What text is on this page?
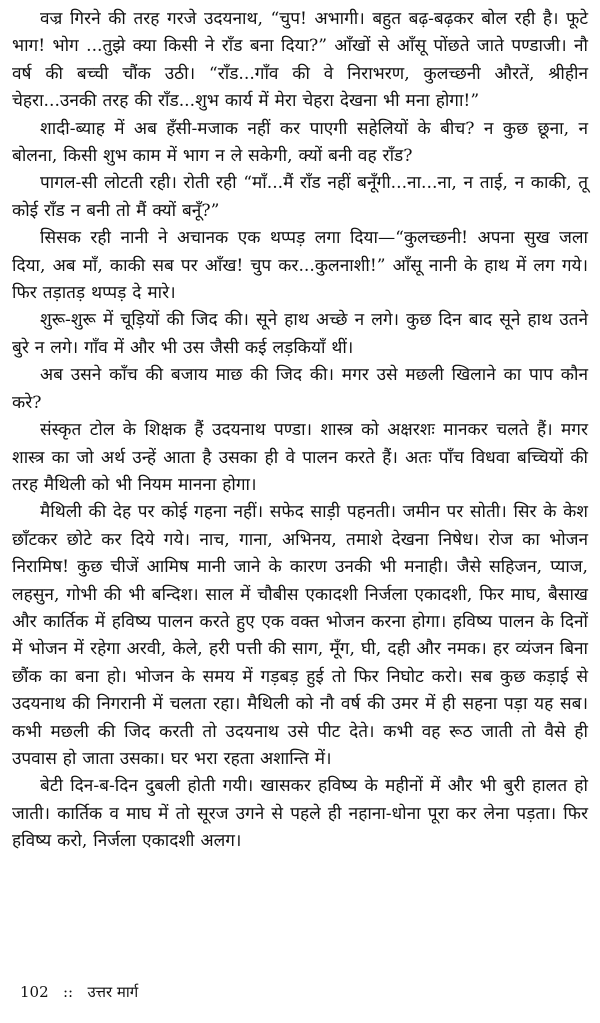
वज्र गिरने की तरह गरजे उदयनाथ, “चुप! अभागी। बहुत बढ़-बढ़कर बोल रही है। फूटे भाग! भोग ...तुझे क्या किसी ने राँड बना दिया?” आँखों से आँसू पोंछते जाते पण्डाजी। नौ वर्ष की बच्ची चौंक उठी। “राँड...गाँव की वे निराभरण, कुलच्छनी औरतें, श्रीहीन चेहरा...उनकी तरह की राँड...शुभ कार्य में मेरा चेहरा देखना भी मना होगा!”

शादी-ब्याह में अब हँसी-मजाक नहीं कर पाएगी सहेलियों के बीच? न कुछ छूना, न बोलना, किसी शुभ काम में भाग न ले सकेगी, क्यों बनी वह राँड?

पागल-सी लोटती रही। रोती रही “माँ...मैं राँड नहीं बनूँगी...ना...ना, न ताई, न काकी, तू कोई राँड न बनी तो मैं क्यों बनूँ?”

सिसक रही नानी ने अचानक एक थप्पड़ लगा दिया—“कुलच्छनी! अपना सुख जला दिया, अब माँ, काकी सब पर आँख! चुप कर...कुलनाशी!” आँसू नानी के हाथ में लग गये। फिर तड़ातड़ थप्पड़ दे मारे।

शुरू-शुरू में चूड़ियों की जिद की। सूने हाथ अच्छे न लगे। कुछ दिन बाद सूने हाथ उतने बुरे न लगे। गाँव में और भी उस जैसी कई लड़कियाँ थीं।

अब उसने काँच की बजाय माछ की जिद की। मगर उसे मछली खिलाने का पाप कौन करे?

संस्कृत टोल के शिक्षक हैं उदयनाथ पण्डा। शास्त्र को अक्षरशः मानकर चलते हैं। मगर शास्त्र का जो अर्थ उन्हें आता है उसका ही वे पालन करते हैं। अतः पाँच विधवा बच्चियों की तरह मैथिली को भी नियम मानना होगा।

मैथिली की देह पर कोई गहना नहीं। सफेद साड़ी पहनती। जमीन पर सोती। सिर के केश छाँटकर छोटे कर दिये गये। नाच, गाना, अभिनय, तमाशे देखना निषेध। रोज का भोजन निरामिष! कुछ चीजें आमिष मानी जाने के कारण उनकी भी मनाही। जैसे सहिजन, प्याज, लहसुन, गोभी की भी बन्दिश। साल में चौबीस एकादशी निर्जला एकादशी, फिर माघ, बैसाख और कार्तिक में हविष्य पालन करते हुए एक वक्त भोजन करना होगा। हविष्य पालन के दिनों में भोजन में रहेगा अरवी, केले, हरी पत्ती की साग, मूँग, घी, दही और नमक। हर व्यंजन बिना छौंक का बना हो। भोजन के समय में गड़बड़ हुई तो फिर निघोट करो। सब कुछ कड़ाई से उदयनाथ की निगरानी में चलता रहा। मैथिली को नौ वर्ष की उमर में ही सहना पड़ा यह सब। कभी मछली की जिद करती तो उदयनाथ उसे पीट देते। कभी वह रूठ जाती तो वैसे ही उपवास हो जाता उसका। घर भरा रहता अशान्ति में।

बेटी दिन-ब-दिन दुबली होती गयी। खासकर हविष्य के महीनों में और भी बुरी हालत हो जाती। कार्तिक व माघ में तो सूरज उगने से पहले ही नहाना-धोना पूरा कर लेना पड़ता। फिर हविष्य करो, निर्जला एकादशी अलग।

102 :: उत्तर मार्ग
